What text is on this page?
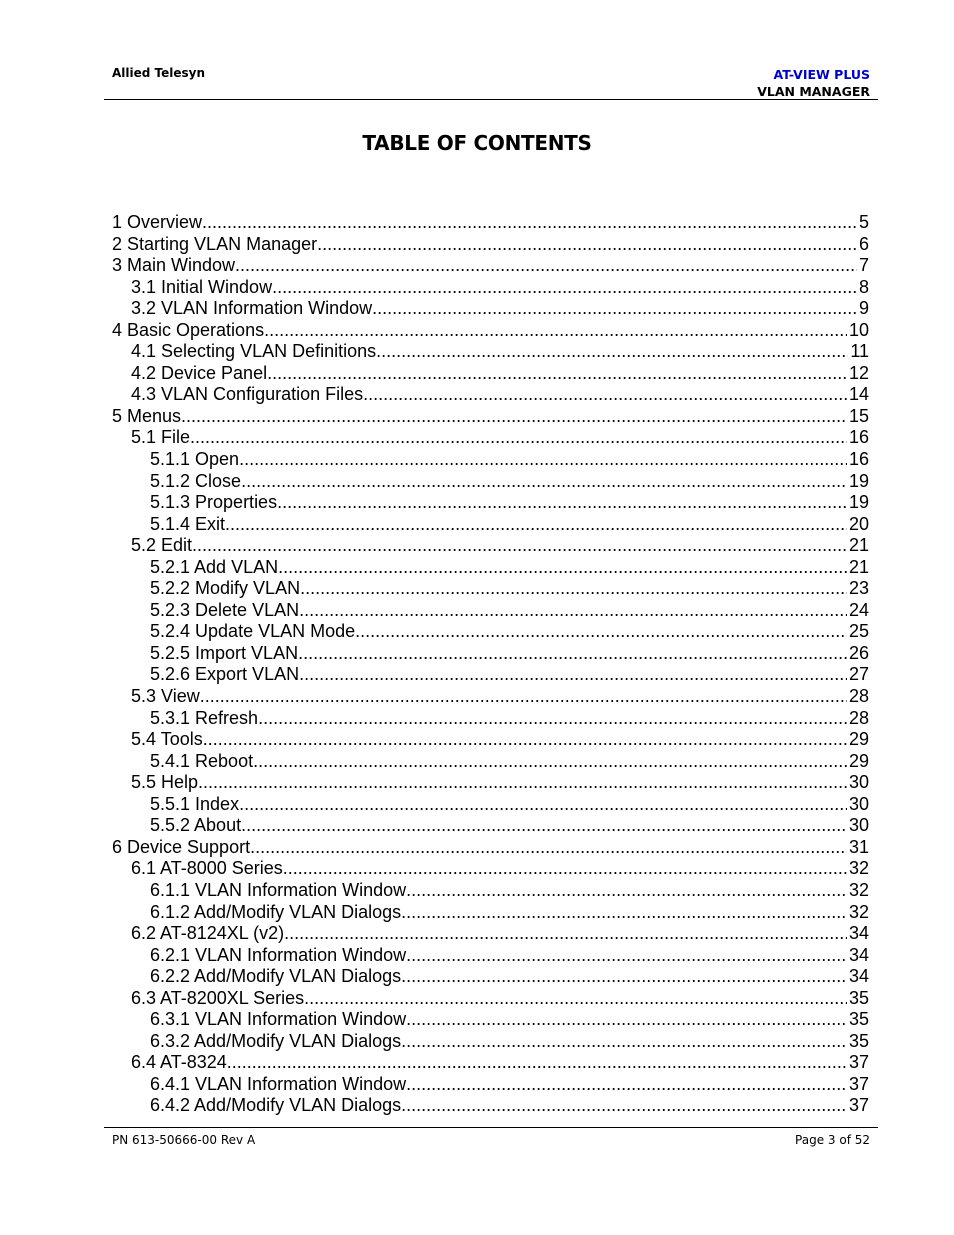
Allied Telesyn	AT-VIEW PLUS
VLAN MANAGER
TABLE OF CONTENTS
1 Overview .....	5
2 Starting VLAN Manager .....	6
3 Main Window .....	7
3.1 Initial Window .....	8
3.2 VLAN Information Window .....	9
4 Basic Operations .....	10
4.1 Selecting VLAN Definitions .....	11
4.2 Device Panel .....	12
4.3 VLAN Configuration Files .....	14
5 Menus .....	15
5.1 File .....	16
5.1.1 Open .....	16
5.1.2 Close .....	19
5.1.3 Properties .....	19
5.1.4 Exit .....	20
5.2 Edit .....	21
5.2.1 Add VLAN .....	21
5.2.2 Modify VLAN .....	23
5.2.3 Delete VLAN .....	24
5.2.4 Update VLAN Mode .....	25
5.2.5 Import VLAN .....	26
5.2.6 Export VLAN .....	27
5.3 View .....	28
5.3.1 Refresh .....	28
5.4 Tools .....	29
5.4.1 Reboot .....	29
5.5 Help .....	30
5.5.1 Index .....	30
5.5.2 About .....	30
6 Device Support .....	31
6.1 AT-8000 Series .....	32
6.1.1 VLAN Information Window .....	32
6.1.2 Add/Modify VLAN Dialogs .....	32
6.2 AT-8124XL (v2) .....	34
6.2.1 VLAN Information Window .....	34
6.2.2 Add/Modify VLAN Dialogs .....	34
6.3 AT-8200XL Series .....	35
6.3.1 VLAN Information Window .....	35
6.3.2 Add/Modify VLAN Dialogs .....	35
6.4 AT-8324 .....	37
6.4.1 VLAN Information Window .....	37
6.4.2 Add/Modify VLAN Dialogs .....	37
PN 613-50666-00 Rev A	Page 3 of 52
